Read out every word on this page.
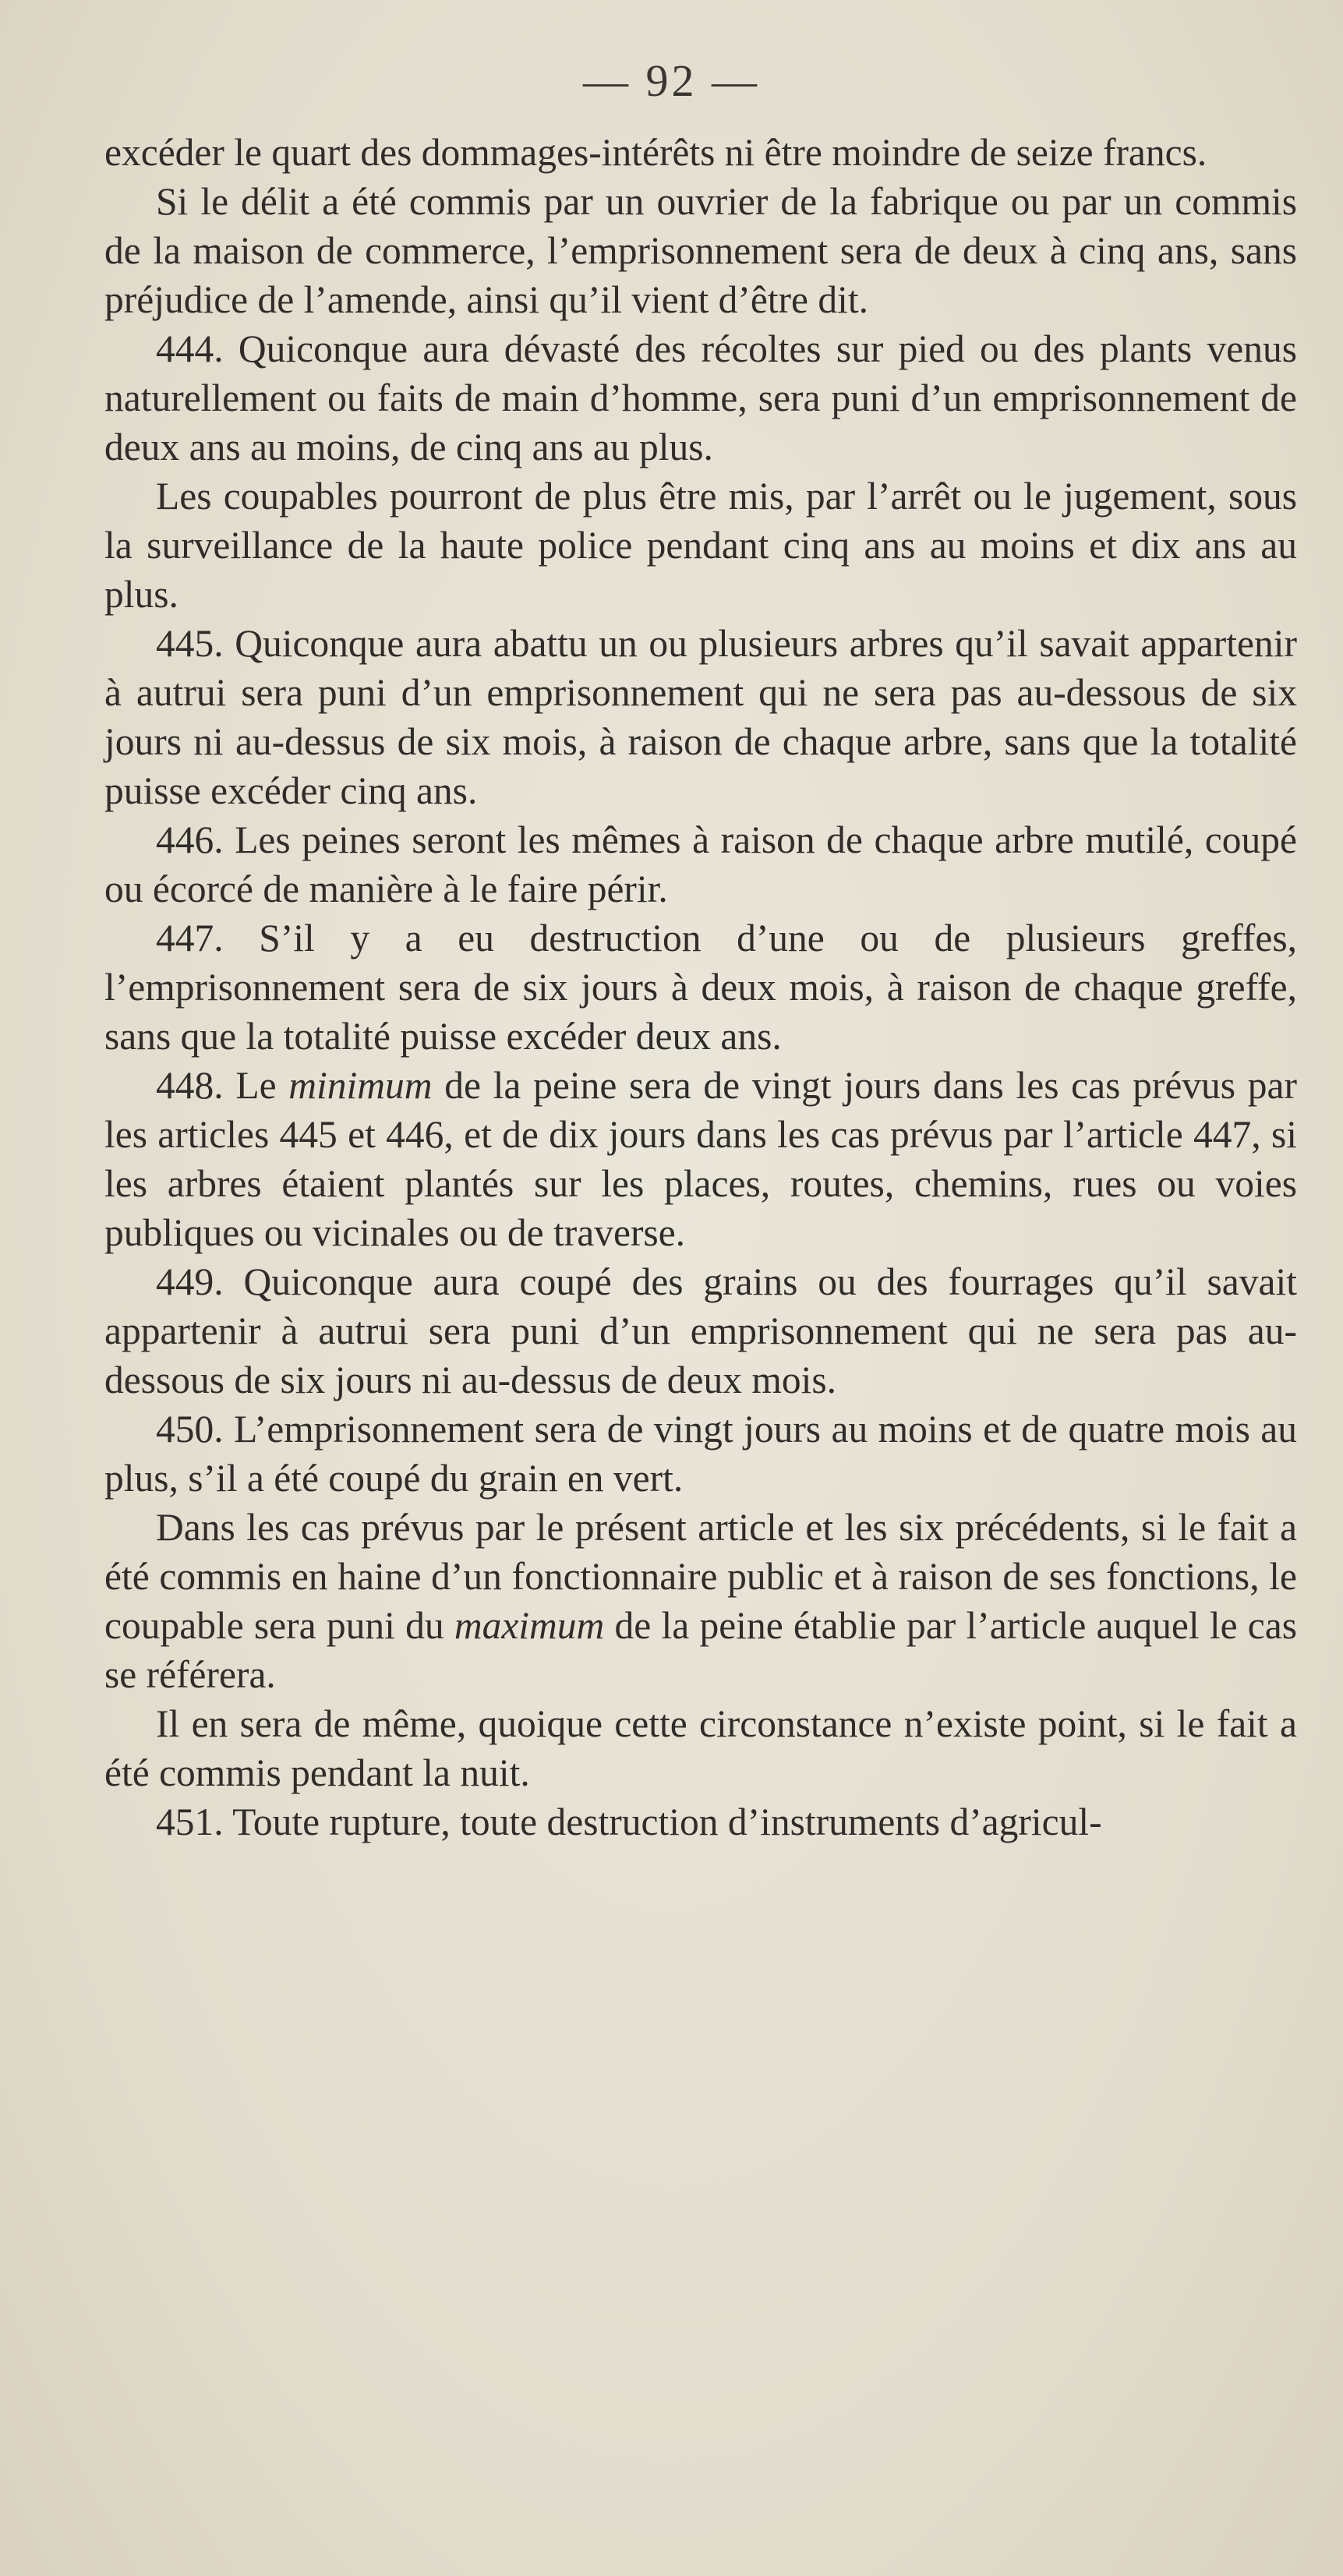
— 92 —

excéder le quart des dommages-intérêts ni être moindre de seize francs.

Si le délit a été commis par un ouvrier de la fabrique ou par un commis de la maison de commerce, l’emprisonnement sera de deux à cinq ans, sans préjudice de l’amende, ainsi qu’il vient d’être dit.

444. Quiconque aura dévasté des récoltes sur pied ou des plants venus naturellement ou faits de main d’homme, sera puni d’un emprisonnement de deux ans au moins, de cinq ans au plus.

Les coupables pourront de plus être mis, par l’arrêt ou le jugement, sous la surveillance de la haute police pendant cinq ans au moins et dix ans au plus.

445. Quiconque aura abattu un ou plusieurs arbres qu’il savait appartenir à autrui sera puni d’un emprisonnement qui ne sera pas au-dessous de six jours ni au-dessus de six mois, à raison de chaque arbre, sans que la totalité puisse excéder cinq ans.

446. Les peines seront les mêmes à raison de chaque arbre mutilé, coupé ou écorcé de manière à le faire périr.

447. S’il y a eu destruction d’une ou de plusieurs greffes, l’emprisonnement sera de six jours à deux mois, à raison de chaque greffe, sans que la totalité puisse excéder deux ans.

448. Le minimum de la peine sera de vingt jours dans les cas prévus par les articles 445 et 446, et de dix jours dans les cas prévus par l’article 447, si les arbres étaient plantés sur les places, routes, chemins, rues ou voies publiques ou vicinales ou de traverse.

449. Quiconque aura coupé des grains ou des fourrages qu’il savait appartenir à autrui sera puni d’un emprisonnement qui ne sera pas au-dessous de six jours ni au-dessus de deux mois.

450. L’emprisonnement sera de vingt jours au moins et de quatre mois au plus, s’il a été coupé du grain en vert.

Dans les cas prévus par le présent article et les six précédents, si le fait a été commis en haine d’un fonctionnaire public et à raison de ses fonctions, le coupable sera puni du maximum de la peine établie par l’article auquel le cas se référera.

Il en sera de même, quoique cette circonstance n’existe point, si le fait a été commis pendant la nuit.

451. Toute rupture, toute destruction d’instruments d’agricul-
